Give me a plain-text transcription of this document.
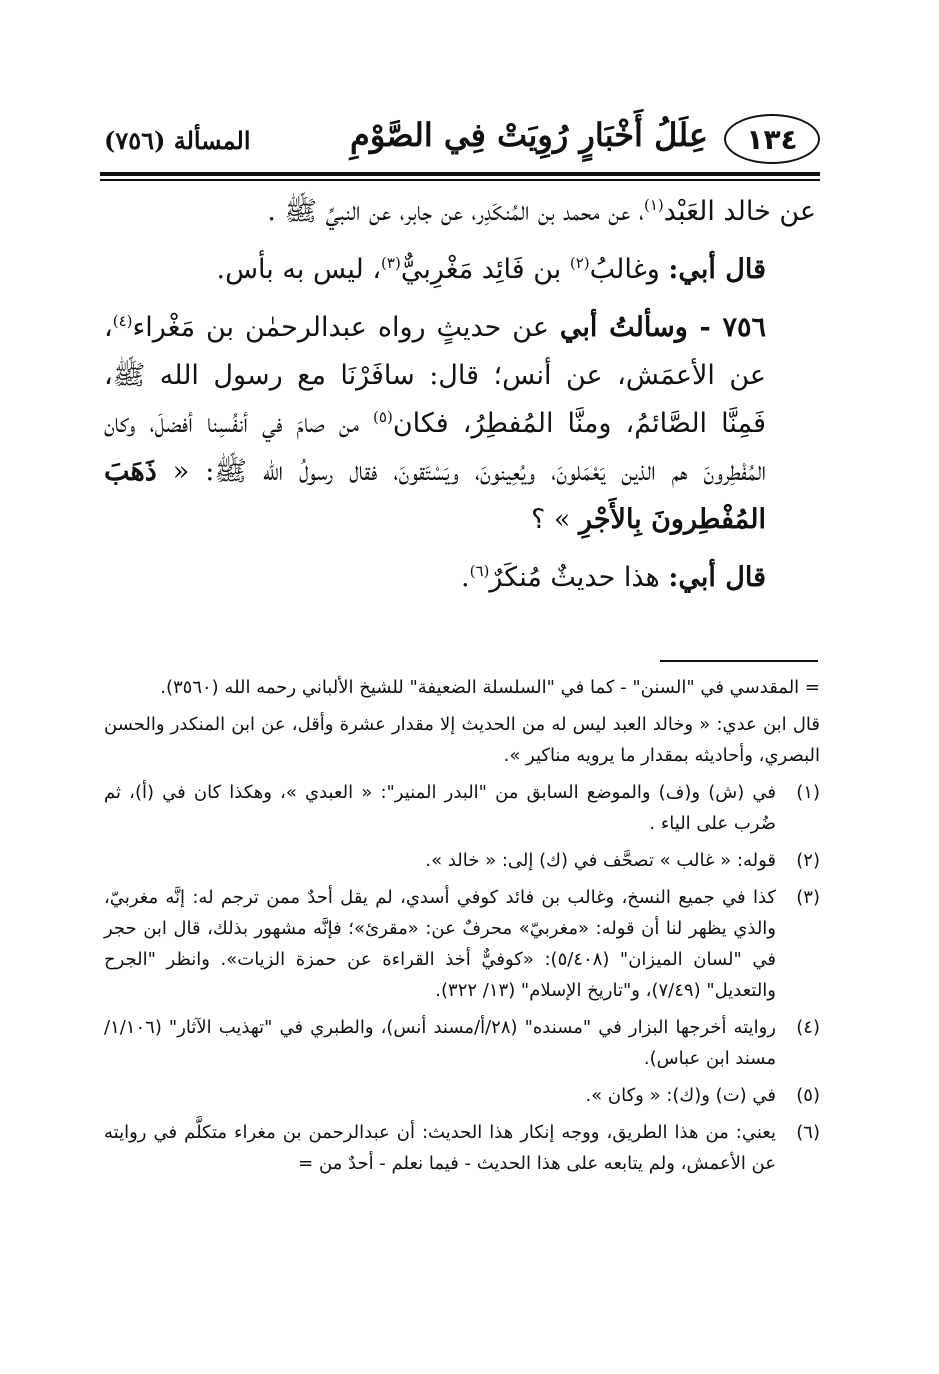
١٣٤
عِلَلُ أَخْبَارٍ رُوِيَتْ فِي الصَّوْمِ
المسألة (٧٥٦)

عن خالد العَبْد$^{(١)}$، عن محمد بن المُنكَدِر، عن جابر، عن النبيِّ ﷺ .

قال أبي: وغالبُ$^{(٢)}$ بن فَائِد مَغْرِبيٌّ$^{(٣)}$، ليس به بأس.

٧٥٦ - وسألتُ أبي عن حديثٍ رواه عبدالرحمٰن بن مَغْراء$^{(٤)}$، عن الأعمَش، عن أنس؛ قال: سافَرْنَا مع رسول الله ﷺ، فَمِنَّا الصَّائمُ، ومنَّا المُفطِرُ، فكان$^{(٥)}$ من صامَ في أنفُسِنا أفضلَ، وكان المُفْطِرونَ هم الذين يَعْمَلونَ، ويُعِينونَ، ويَسْتَقونَ، فقال رسولُ الله ﷺ: « ذَهَبَ المُفْطِرونَ بِالأَجْرِ » ؟

قال أبي: هذا حديثٌ مُنكَرٌ$^{(٦)}$.

= المقدسي في "السنن" - كما في "السلسلة الضعيفة" للشيخ الألباني رحمه الله (٣٥٦٠).

قال ابن عدي: « وخالد العبد ليس له من الحديث إلا مقدار عشرة وأقل، عن ابن المنكدر والحسن البصري، وأحاديثه بمقدار ما يرويه مناكير ».

(١)
في (ش) و(ف) والموضع السابق من "البدر المنير": « العبدي »، وهكذا كان في (أ)، ثم ضُرب على الياء .

(٢)
قوله: « غالب » تصحَّف في (ك) إلى: « خالد ».

(٣)
كذا في جميع النسخ، وغالب بن فائد كوفي أسدي، لم يقل أحدٌ ممن ترجم له: إنَّه مغربيّ، والذي يظهر لنا أن قوله: «مغربيّ» محرفٌ عن: «مقرئ»؛ فإنَّه مشهور بذلك، قال ابن حجر في "لسان الميزان" (٥/٤٠٨): «كوفيٌّ أخذ القراءة عن حمزة الزيات». وانظر "الجرح والتعديل" (٧/٤٩)، و"تاريخ الإسلام" (١٣/ ٣٢٢).

(٤)
روايته أخرجها البزار في "مسنده" (٢٨/أ/مسند أنس)، والطبري في "تهذيب الآثار" (١/١٠٦/مسند ابن عباس).

(٥)
في (ت) و(ك): « وكان ».

(٦)
يعني: من هذا الطريق، ووجه إنكار هذا الحديث: أن عبدالرحمن بن مغراء متكلَّم في روايته عن الأعمش، ولم يتابعه على هذا الحديث - فيما نعلم - أحدٌ من =
